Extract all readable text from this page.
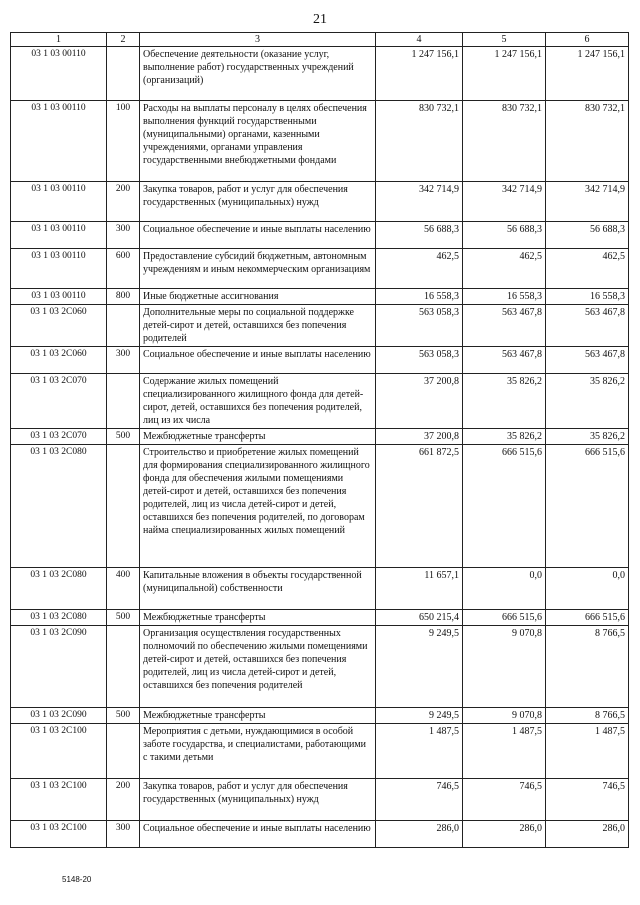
21
1	2	3	4	5	6
03 1 03 00110		Обеспечение деятельности (оказание услуг, выполнение работ) государственных учреждений (организаций)	1 247 156,1	1 247 156,1	1 247 156,1
03 1 03 00110	100	Расходы на выплаты персоналу в целях обеспечения выполнения функций государственными (муниципальными) органами, казенными учреждениями, органами управления государственными внебюджетными фондами	830 732,1	830 732,1	830 732,1
03 1 03 00110	200	Закупка товаров, работ и услуг для обеспечения государственных (муниципальных) нужд	342 714,9	342 714,9	342 714,9
03 1 03 00110	300	Социальное обеспечение и иные выплаты населению	56 688,3	56 688,3	56 688,3
03 1 03 00110	600	Предоставление субсидий бюджетным, автономным учреждениям и иным некоммерческим организациям	462,5	462,5	462,5
03 1 03 00110	800	Иные бюджетные ассигнования	16 558,3	16 558,3	16 558,3
03 1 03 2С060		Дополнительные меры по социальной поддержке детей-сирот и детей, оставшихся без попечения родителей	563 058,3	563 467,8	563 467,8
03 1 03 2С060	300	Социальное обеспечение и иные выплаты населению	563 058,3	563 467,8	563 467,8
03 1 03 2С070		Содержание жилых помещений специализированного жилищного фонда для детей-сирот, детей, оставшихся без попечения родителей, лиц из их числа	37 200,8	35 826,2	35 826,2
03 1 03 2С070	500	Межбюджетные трансферты	37 200,8	35 826,2	35 826,2
03 1 03 2С080		Строительство и приобретение жилых помещений для формирования специализированного жилищного фонда для обеспечения жилыми помещениями детей-сирот и детей, оставшихся без попечения родителей, лиц из числа детей-сирот и детей, оставшихся без попечения родителей, по договорам найма специализированных жилых помещений	661 872,5	666 515,6	666 515,6
03 1 03 2С080	400	Капитальные вложения в объекты государственной (муниципальной) собственности	11 657,1	0,0	0,0
03 1 03 2С080	500	Межбюджетные трансферты	650 215,4	666 515,6	666 515,6
03 1 03 2С090		Организация осуществления государственных полномочий по обеспечению жилыми помещениями детей-сирот и детей, оставшихся без попечения родителей, лиц из числа детей-сирот и детей, оставшихся без попечения родителей	9 249,5	9 070,8	8 766,5
03 1 03 2С090	500	Межбюджетные трансферты	9 249,5	9 070,8	8 766,5
03 1 03 2С100		Мероприятия с детьми, нуждающимися в особой заботе государства, и специалистами, работающими с такими детьми	1 487,5	1 487,5	1 487,5
03 1 03 2С100	200	Закупка товаров, работ и услуг для обеспечения государственных (муниципальных) нужд	746,5	746,5	746,5
03 1 03 2С100	300	Социальное обеспечение и иные выплаты населению	286,0	286,0	286,0
5148-20
